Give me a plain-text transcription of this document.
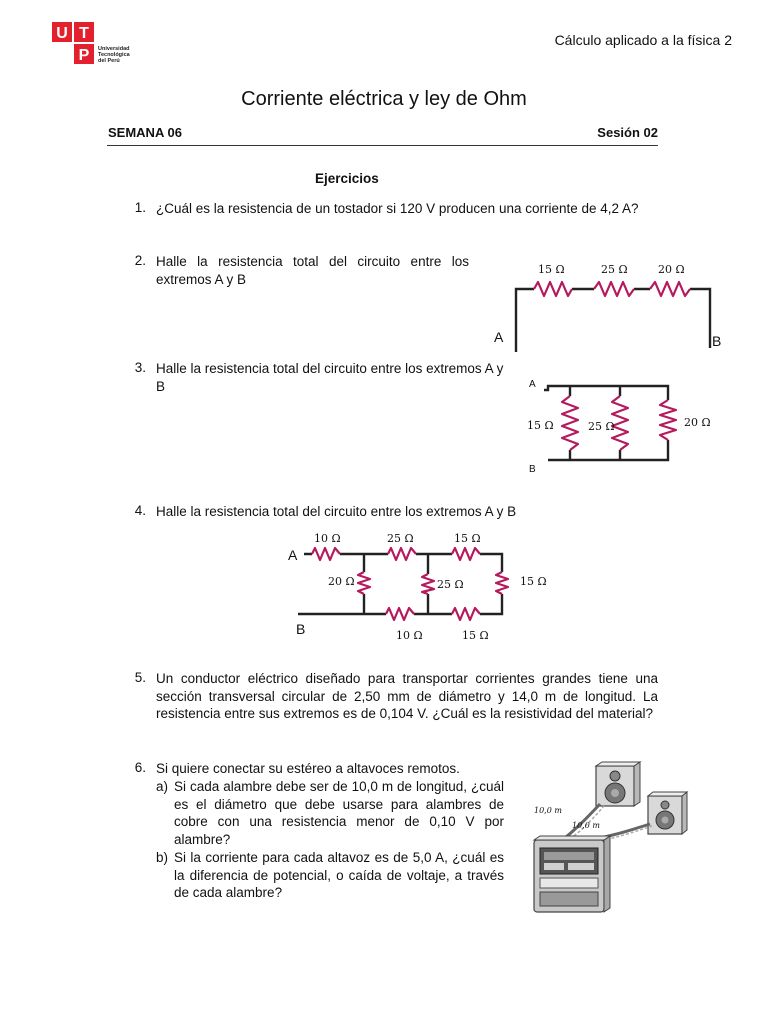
U T
P Universidad
Tecnológica
del Perú
Cálculo aplicado a la física 2
Corriente eléctrica y ley de Ohm
SEMANA 06	Sesión 02
Ejercicios
1. ¿Cuál es la resistencia de un tostador si 120 V producen una corriente de 4,2 A?
2. Halle la resistencia total del circuito entre los extremos A y B
15 Ω	25 Ω	20 Ω
A	B
3. Halle la resistencia total del circuito entre los extremos A y B
15 Ω	25 Ω	20 Ω
A
B
4. Halle la resistencia total del circuito entre los extremos A y B
10 Ω	25 Ω	15 Ω
20 Ω	25 Ω	15 Ω
10 Ω	15 Ω
A
B
5. Un conductor eléctrico diseñado para transportar corrientes grandes tiene una sección transversal circular de 2,50 mm de diámetro y 14,0 m de longitud. La resistencia entre sus extremos es de 0,104 V. ¿Cuál es la resistividad del material?
6. Si quiere conectar su estéreo a altavoces remotos.
a) Si cada alambre debe ser de 10,0 m de longitud, ¿cuál es el diámetro que debe usarse para alambres de cobre con una resistencia menor de 0,10 V por alambre?
b) Si la corriente para cada altavoz es de 5,0 A, ¿cuál es la diferencia de potencial, o caída de voltaje, a través de cada alambre?
10,0 m
10,0 m
